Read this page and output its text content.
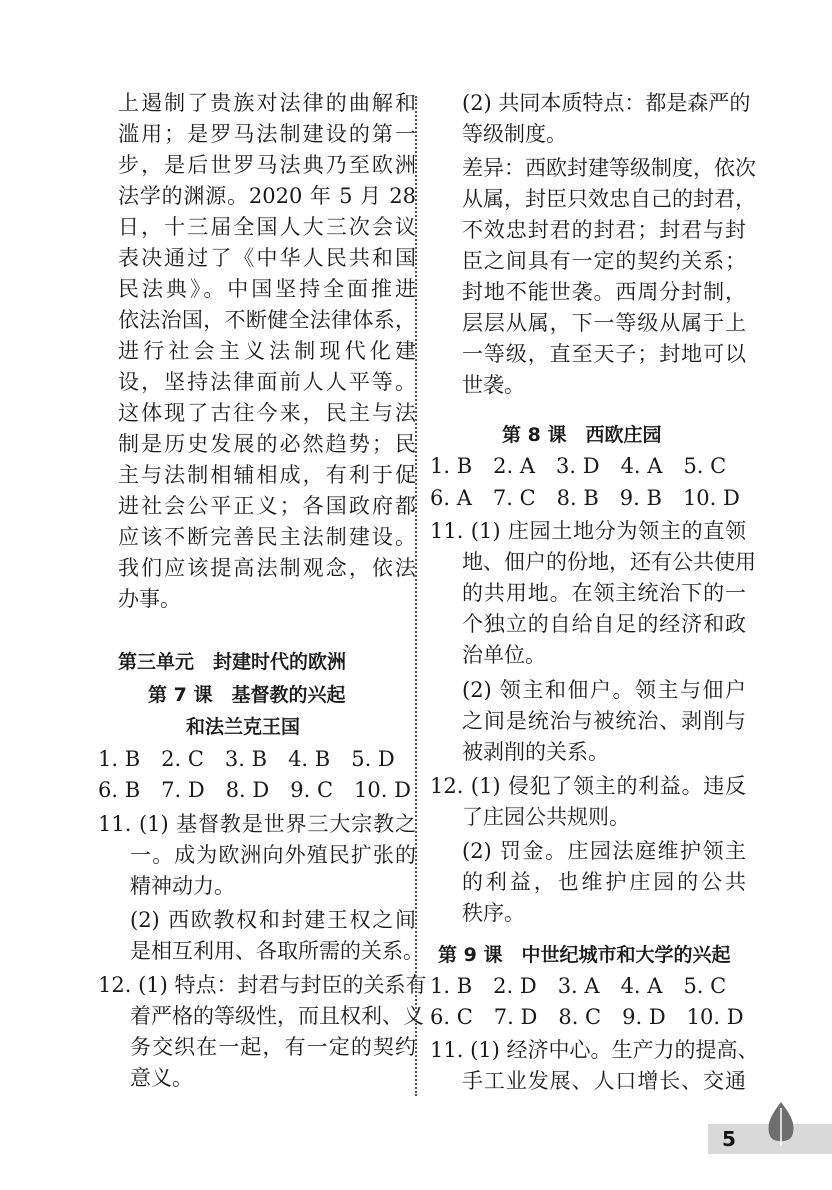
上遏制了贵族对法律的曲解和
滥用；是罗马法制建设的第一
步，是后世罗马法典乃至欧洲
法学的渊源。2020 年 5 月 28
日，十三届全国人大三次会议
表决通过了《中华人民共和国
民法典》。中国坚持全面推进
依法治国，不断健全法律体系，
进行社会主义法制现代化建
设，坚持法律面前人人平等。
这体现了古往今来，民主与法
制是历史发展的必然趋势；民
主与法制相辅相成，有利于促
进社会公平正义；各国政府都
应该不断完善民主法制建设。
我们应该提高法制观念，依法
办事。
第三单元　封建时代的欧洲
第 7 课　基督教的兴起
和法兰克王国
1. B　2. C　3. B　4. B　5. D
6. B　7. D　8. D　9. C　10. D
11. (1) 基督教是世界三大宗教之
一。成为欧洲向外殖民扩张的
精神动力。
(2) 西欧教权和封建王权之间
是相互利用、各取所需的关系。
12. (1) 特点：封君与封臣的关系有
着严格的等级性，而且权利、义
务交织在一起，有一定的契约
意义。
(2) 共同本质特点：都是森严的
等级制度。
差异：西欧封建等级制度，依次
从属，封臣只效忠自己的封君，
不效忠封君的封君；封君与封
臣之间具有一定的契约关系；
封地不能世袭。西周分封制，
层层从属，下一等级从属于上
一等级，直至天子；封地可以
世袭。
第 8 课　西欧庄园
1. B　2. A　3. D　4. A　5. C
6. A　7. C　8. B　9. B　10. D
11. (1) 庄园土地分为领主的直领
地、佃户的份地，还有公共使用
的共用地。在领主统治下的一
个独立的自给自足的经济和政
治单位。
(2) 领主和佃户。领主与佃户
之间是统治与被统治、剥削与
被剥削的关系。
12. (1) 侵犯了领主的利益。违反
了庄园公共规则。
(2) 罚金。庄园法庭维护领主
的利益，也维护庄园的公共
秩序。
第 9 课　中世纪城市和大学的兴起
1. B　2. D　3. A　4. A　5. C
6. C　7. D　8. C　9. D　10. D
11. (1) 经济中心。生产力的提高、
手工业发展、人口增长、交通
5
